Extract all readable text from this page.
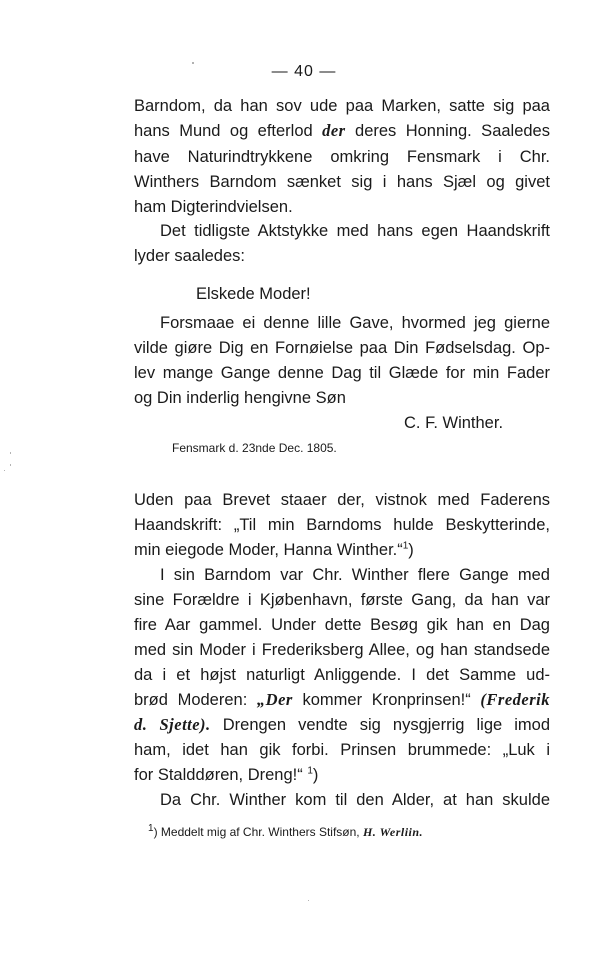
— 40 —
Barndom, da han sov ude paa Marken, satte sig paa
hans Mund og efterlod der deres Honning. Saaledes
have Naturindtrykkene omkring Fensmark i Chr.
Winthers Barndom sænket sig i hans Sjæl og givet
ham Digterindvielsen.
Det tidligste Aktstykke med hans egen Haandskrift
lyder saaledes:
Elskede Moder!
Forsmaae ei denne lille Gave, hvormed jeg gierne
vilde giøre Dig en Fornøielse paa Din Fødselsdag. Op-
lev mange Gange denne Dag til Glæde for min Fader
og Din inderlig hengivne Søn
C. F. Winther.
Fensmark d. 23nde Dec. 1805.
Uden paa Brevet staaer der, vistnok med Faderens
Haandskrift: „Til min Barndoms hulde Beskytterinde,
min eiegode Moder, Hanna Winther.“$^1$)
I sin Barndom var Chr. Winther flere Gange med
sine Forældre i Kjøbenhavn, første Gang, da han var
fire Aar gammel. Under dette Besøg gik han en Dag
med sin Moder i Frederiksberg Allee, og han standsede
da i et højst naturligt Anliggende. I det Samme ud-
brød Moderen: „Der kommer Kronprinsen!“ (Frederik
d. Sjette). Drengen vendte sig nysgjerrig lige imod
ham, idet han gik forbi. Prinsen brummede: „Luk i
for Stalddøren, Dreng!“ $^1$)
Da Chr. Winther kom til den Alder, at han skulde
$^1$) Meddelt mig af Chr. Winthers Stifsøn, H. Werliin.
